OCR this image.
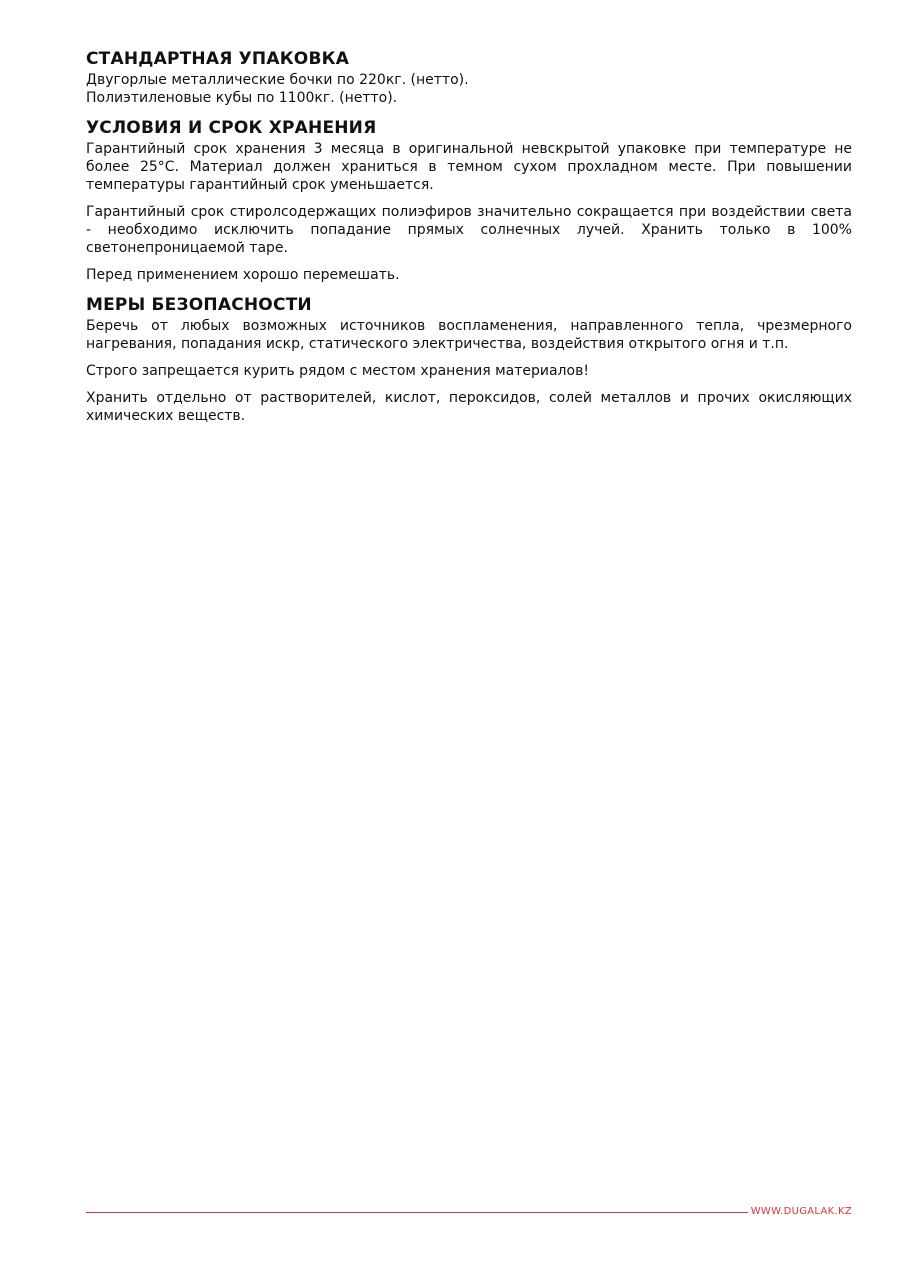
СТАНДАРТНАЯ УПАКОВКА

Двугорлые металлические бочки по 220кг. (нетто).

Полиэтиленовые кубы по 1100кг. (нетто).

УСЛОВИЯ И СРОК ХРАНЕНИЯ

Гарантийный срок хранения 3 месяца в оригинальной невскрытой упаковке при температуре не более 25°С. Материал должен храниться в темном сухом прохладном месте. При повышении температуры гарантийный срок уменьшается.

Гарантийный срок стиролсодержащих полиэфиров значительно сокращается при воздействии света - необходимо исключить попадание прямых солнечных лучей. Хранить только в 100% светонепроницаемой таре.

Перед применением хорошо перемешать.

МЕРЫ БЕЗОПАСНОСТИ

Беречь от любых возможных источников воспламенения, направленного тепла, чрезмерного нагревания, попадания искр, статического электричества, воздействия открытого огня и т.п.

Строго запрещается курить рядом с местом хранения материалов!

Хранить отдельно от растворителей, кислот, пероксидов, солей металлов и прочих окисляющих химических веществ.

WWW.DUGALAK.KZ
